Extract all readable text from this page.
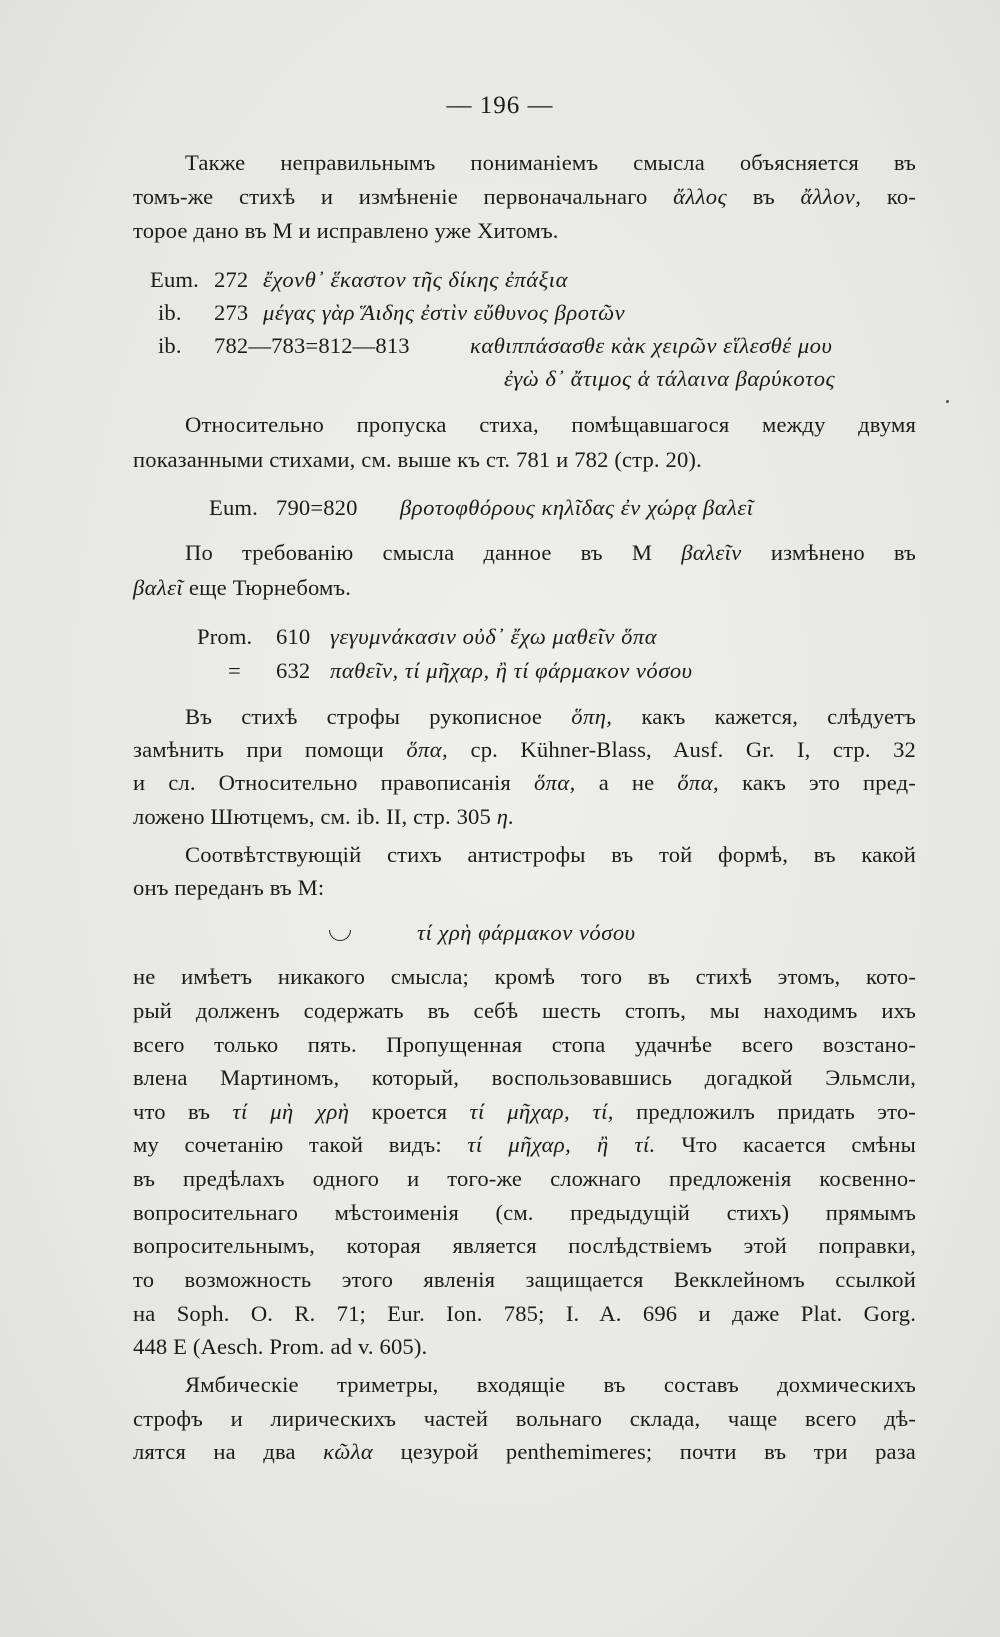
— 196 —
Также неправильнымъ пониманiемъ смысла объясняется въ
томъ-же стихѣ и измѣненiе первоначальнаго ἄλλος въ ἄλλον, ко-
торое дано въ М и исправлено уже Хитомъ.
Eum. 272 ἔχονθ᾽ ἕκαστον τῆς δίκης ἐπάξια
ib. 273 μέγας γὰρ Ἅιδης ἐστὶν εὔθυνος βροτῶν
ib. 782—783=812—813	καθιππάσασθε κὰκ χειρῶν εἵλεσθέ μου
ἐγὼ δ᾽ ἄτιμος ἁ τάλαινα βαρύκοτος
Относительно пропуска стиха, помѣщавшагося между двумя
показанными стихами, см. выше къ ст. 781 и 782 (стр. 20).
Eum. 790=820 βροτοφθόρους κηλῖδας ἐν χώρᾳ βαλεῖ
По требованiю смысла данное въ М βαλεῖν измѣнено въ
βαλεῖ еще Тюрнебомъ.
Prom. 610 γεγυμνάκασιν οὐδ᾽ ἔχω μαθεῖν ὅπα
= 632 παθεῖν, τί μῆχαρ, ἢ τί φάρμακον νόσου
Въ стихѣ строфы рукописное ὅπη, какъ кажется, слѣдуетъ
замѣнить при помощи ὅπα, ср. Kühner-Blass, Ausf. Gr. I, стр. 32
и сл. Относительно правописанiя ὅπα, а не ὅπα, какъ это пред-
ложено Шютцемъ, см. ib. II, стр. 305 η.
Соотвѣтствующiй стихъ антистрофы въ той формѣ, въ какой
онъ переданъ въ М:
τί χρὴ φάρμακον νόσου
не имѣетъ никакого смысла; кромѣ того въ стихѣ этомъ, кото-
рый долженъ содержать въ себѣ шесть стопъ, мы находимъ ихъ
всего только пять. Пропущенная стопа удачнѣе всего возстано-
влена Мартиномъ, который, воспользовавшись догадкой Эльмсли,
что въ τί μὴ χρὴ кроется τί μῆχαρ, τί, предложилъ придать это-
му сочетанiю такой видъ: τί μῆχαρ, ἢ τί. Что касается смѣны
въ предѣлахъ одного и того-же сложнаго предложенiя косвенно-
вопросительнаго мѣстоименiя (см. предыдущiй стихъ) прямымъ
вопросительнымъ, которая является послѣдствiемъ этой поправки,
то возможность этого явленiя защищается Векклейномъ ссылкой
на Soph. O. R. 71; Eur. Ion. 785; I. A. 696 и даже Plat. Gorg.
448 E (Aesch. Prom. ad v. 605).
Ямбическiе триметры, входящiе въ составъ дохмическихъ
строфъ и лирическихъ частей вольнаго склада, чаще всего дѣ-
лятся на два κῶλα цезурой penthemimeres; почти въ три раза
